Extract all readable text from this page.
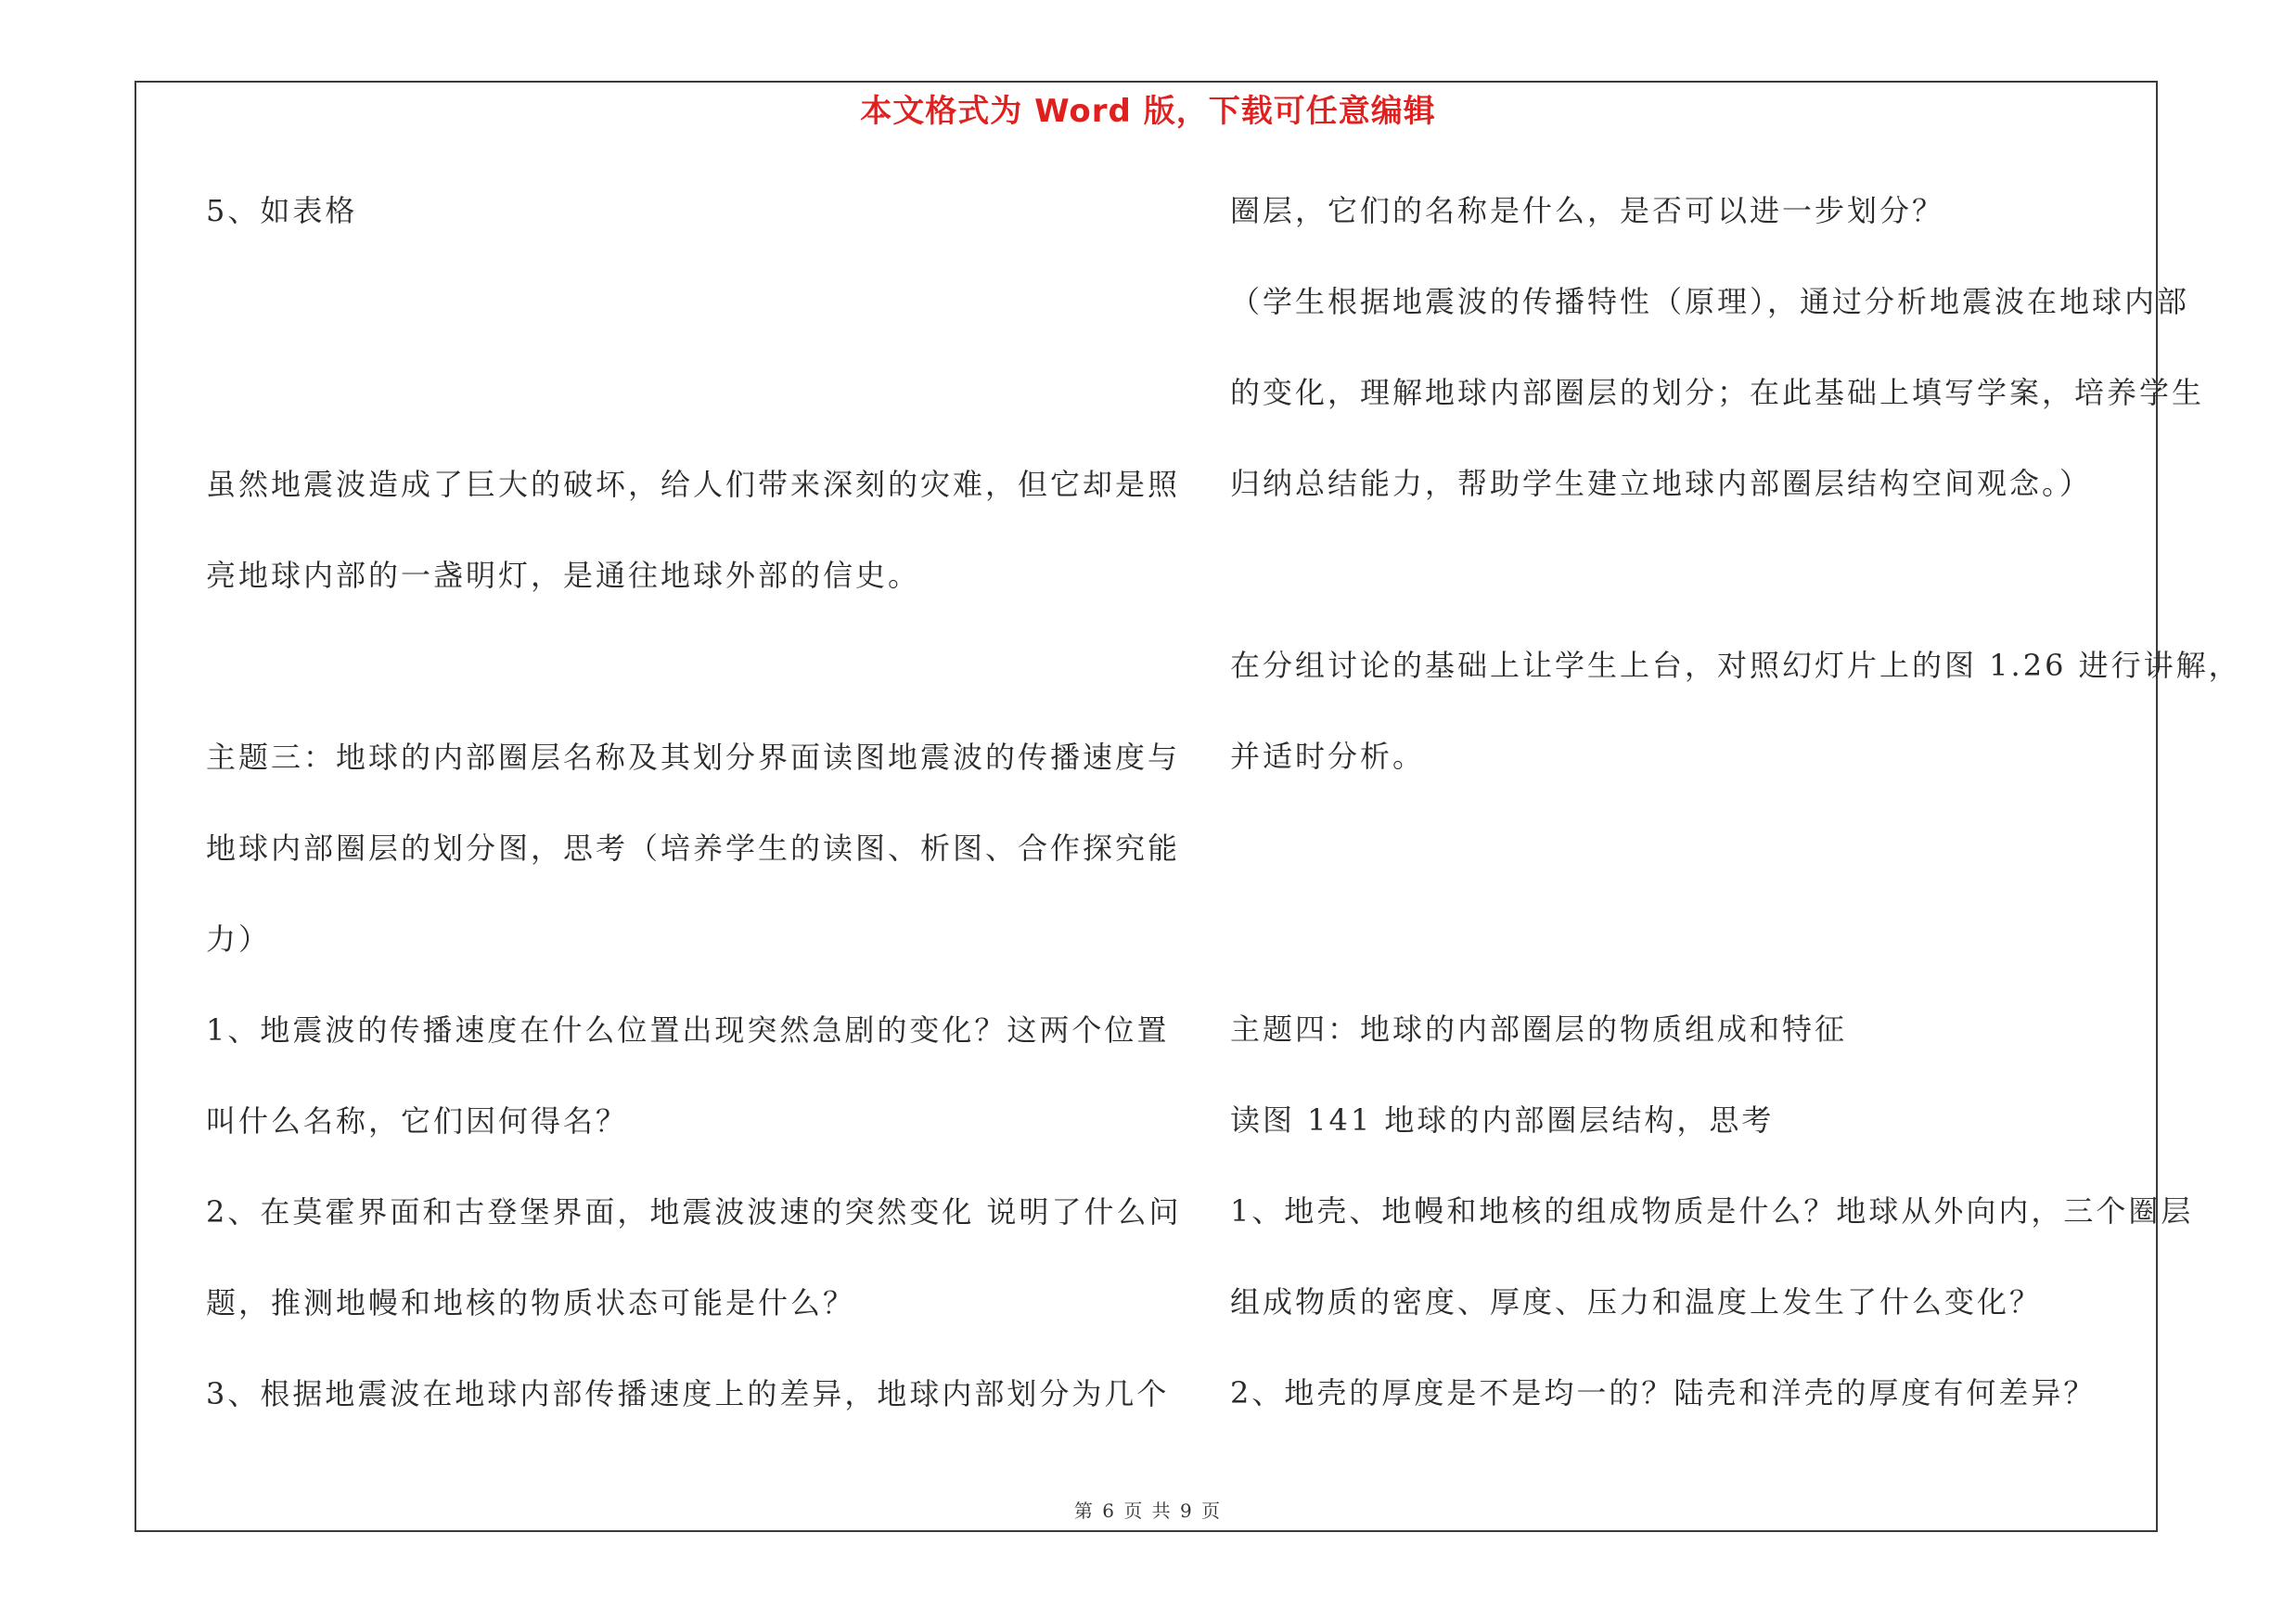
本文格式为 Word 版，下载可任意编辑
5、如表格
虽然地震波造成了巨大的破坏，给人们带来深刻的灾难，但它却是照
亮地球内部的一盏明灯，是通往地球外部的信史。
主题三：地球的内部圈层名称及其划分界面读图地震波的传播速度与
地球内部圈层的划分图，思考（培养学生的读图、析图、合作探究能
力）
1、地震波的传播速度在什么位置出现突然急剧的变化？这两个位置
叫什么名称，它们因何得名？
2、在莫霍界面和古登堡界面，地震波波速的突然变化 说明了什么问
题，推测地幔和地核的物质状态可能是什么？
3、根据地震波在地球内部传播速度上的差异，地球内部划分为几个
圈层，它们的名称是什么，是否可以进一步划分？
（学生根据地震波的传播特性（原理），通过分析地震波在地球内部
的变化，理解地球内部圈层的划分；在此基础上填写学案，培养学生
归纳总结能力，帮助学生建立地球内部圈层结构空间观念。）
在分组讨论的基础上让学生上台，对照幻灯片上的图 1.26 进行讲解，
并适时分析。
主题四：地球的内部圈层的物质组成和特征
读图 141 地球的内部圈层结构，思考
1、地壳、地幔和地核的组成物质是什么？地球从外向内，三个圈层
组成物质的密度、厚度、压力和温度上发生了什么变化？
2、地壳的厚度是不是均一的？陆壳和洋壳的厚度有何差异？
第 6 页 共 9 页
